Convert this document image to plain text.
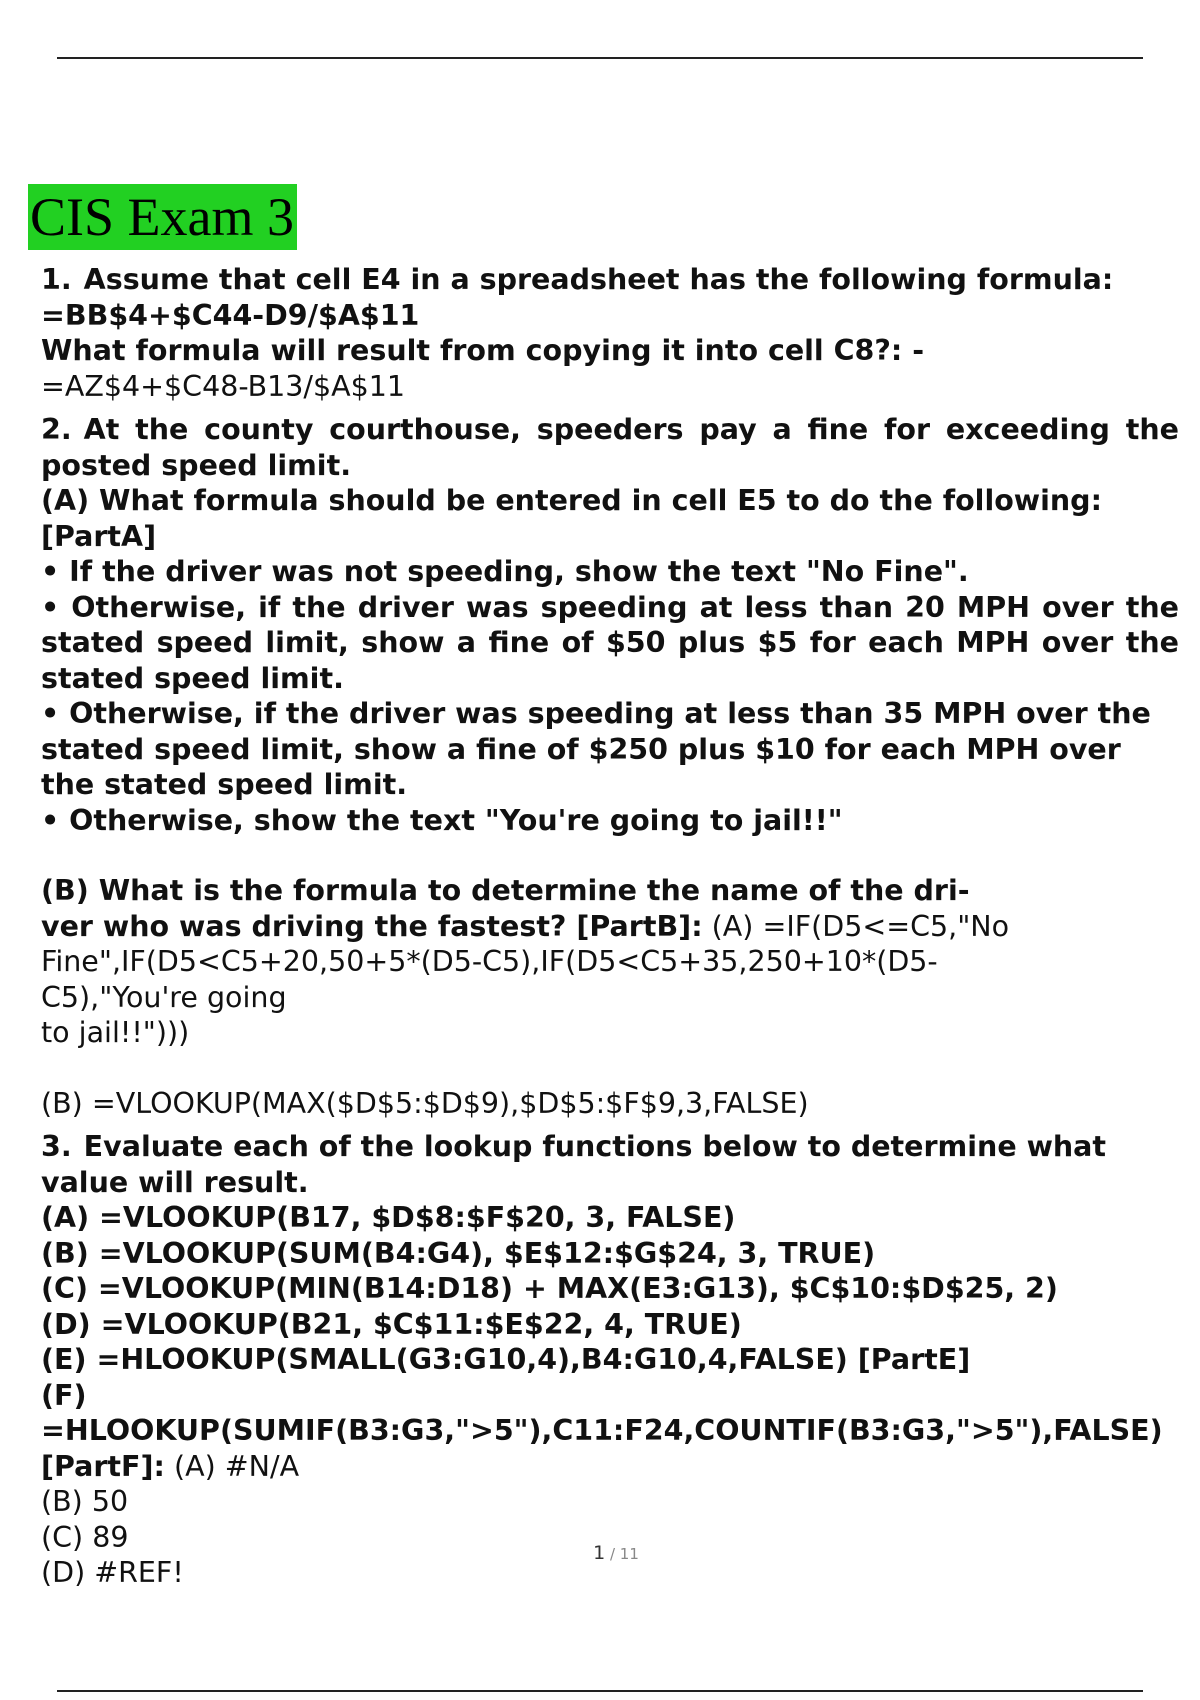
CIS Exam 3

1. Assume that cell E4 in a spreadsheet has the following formula:

=BB$4+$C44-D9/$A$11

What formula will result from copying it into cell C8?: -

=AZ$4+$C48-B13/$A$11

2. At the county courthouse, speeders pay a fine for exceeding the posted speed limit.

(A) What formula should be entered in cell E5 to do the following: [PartA]

• If the driver was not speeding, show the text "No Fine".

• Otherwise, if the driver was speeding at less than 20 MPH over the stated speed limit, show a fine of $50 plus $5 for each MPH over the stated speed limit.

• Otherwise, if the driver was speeding at less than 35 MPH over the stated speed limit, show a fine of $250 plus $10 for each MPH over the stated speed limit.

• Otherwise, show the text "You're going to jail!!"

(B) What is the formula to determine the name of the dri-

ver who was driving the fastest? [PartB]: (A) =IF(D5<=C5,"No

Fine",IF(D5<C5+20,50+5*(D5-C5),IF(D5<C5+35,250+10*(D5-

C5),"You're going

to jail!!")))

(B) =VLOOKUP(MAX($D$5:$D$9),$D$5:$F$9,3,FALSE)

3. Evaluate each of the lookup functions below to determine what value will result.

(A) =VLOOKUP(B17, $D$8:$F$20, 3, FALSE)

(B) =VLOOKUP(SUM(B4:G4), $E$12:$G$24, 3, TRUE)

(C) =VLOOKUP(MIN(B14:D18) + MAX(E3:G13), $C$10:$D$25, 2)

(D) =VLOOKUP(B21, $C$11:$E$22, 4, TRUE)

(E) =HLOOKUP(SMALL(G3:G10,4),B4:G10,4,FALSE) [PartE]

(F) =HLOOKUP(SUMIF(B3:G3,">5"),C11:F24,COUNTIF(B3:G3,">5"),FALSE)

[PartF]: (A) #N/A

(B) 50

(C) 89

(D) #REF!

1 / 11
